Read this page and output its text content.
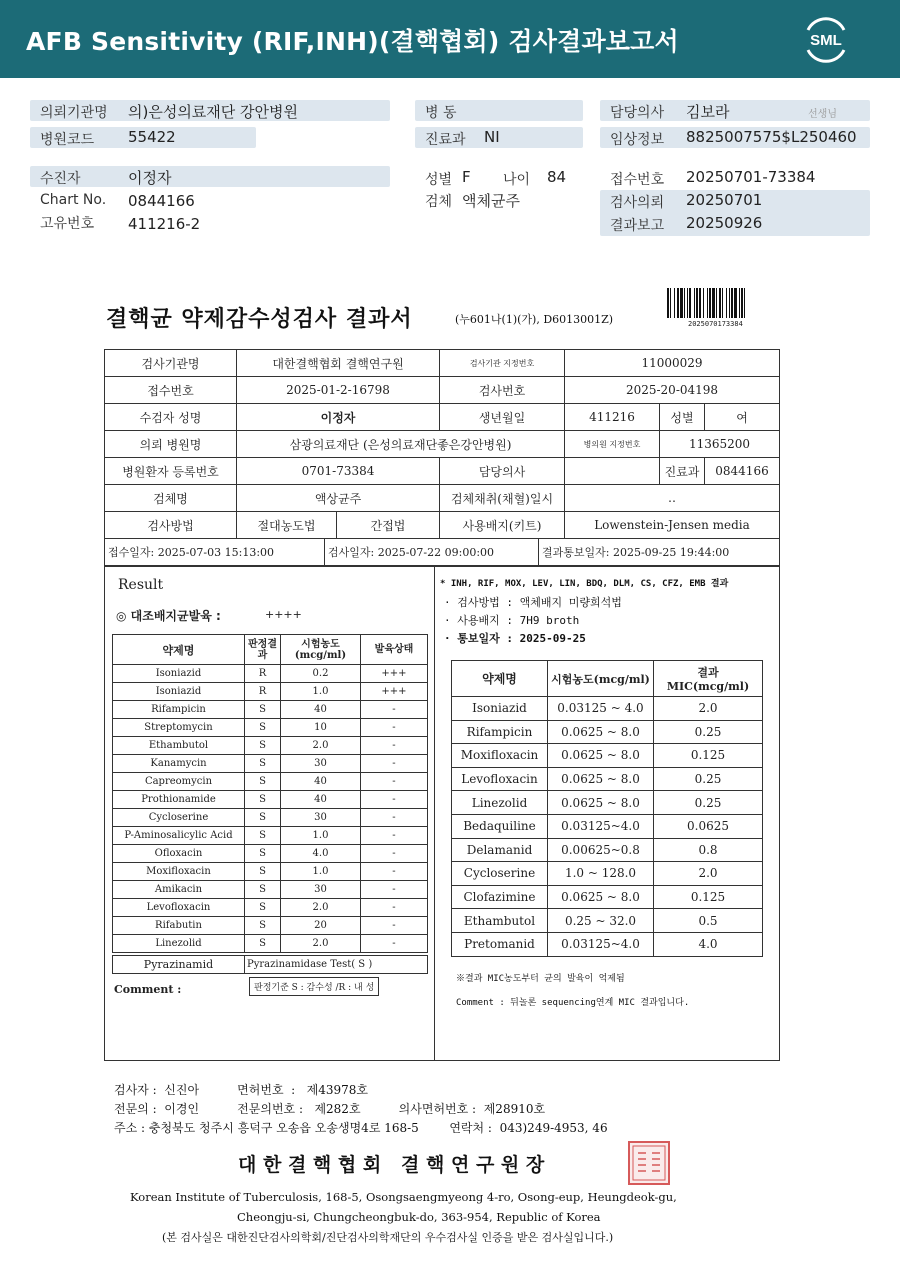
AFB Sensitivity (RIF,INH)(결핵협회) 검사결과보고서	SML
의뢰기관명 의)은성의료재단 강안병원
병원코드 55422
병 동
진료과 NI
담당의사 김보라	선생님
임상정보 8825007575$L250460
수진자	이정자
Chart No. 0844166
고유번호 411216-2
성별 F 나이 84
검체 액체균주
접수번호 20250701-73384
검사의뢰 20250701
결과보고 20250926
결핵균 약제감수성검사 결과서	(누601나(1)(가), D6013001Z)	2025070173384
검사기관명	대한결핵협회 결핵연구원		검사기관 지정번호	11000029		
접수번호	2025-01-2-16798		검사번호	2025-20-04198		
수검자 성명	이정자		생년월일	411216	성별	여
의뢰 병원명	삼광의료재단 (은성의료재단좋은강안병원)			병의원 지정번호	11365200	
병원환자 등록번호	0701-73384		담당의사		진료과	0844166
검체명	액상균주		검체채취(채혈)일시	‥		
검사방법	절대농도법	간접법	사용배지(키트)	Lowenstein-Jensen media		
접수일자: 2025-07-03 15:13:00	검사일자: 2025-07-22 09:00:00	결과통보일자: 2025-09-25 19:44:00
Result
◎ 대조배지균발육 :	++++
약제명	판정결과	시험농도(mcg/ml)	발육상태
Isoniazid	R	0.2	+++
Isoniazid	R	1.0	+++
Rifampicin	S	40	-
Streptomycin	S	10	-
Ethambutol	S	2.0	-
Kanamycin	S	30	-
Capreomycin	S	40	-
Prothionamide	S	40	-
Cycloserine	S	30	-
P-Aminosalicylic Acid	S	1.0	-
Ofloxacin	S	4.0	-
Moxifloxacin	S	1.0	-
Amikacin	S	30	-
Levofloxacin	S	2.0	-
Rifabutin	S	20	-
Linezolid	S	2.0	-
Pyrazinamid	Pyrazinamidase Test( S )
Comment :	판정기준 S : 감수성 /R : 내 성
* INH, RIF, MOX, LEV, LIN, BDQ, DLM, CS, CFZ, EMB 결과
· 검사방법 : 액체배지 미량희석법
· 사용배지 : 7H9 broth
· 통보일자 : 2025-09-25
약제명	시험농도(mcg/ml)	결과 MIC(mcg/ml)
Isoniazid	0.03125 ~ 4.0	2.0
Rifampicin	0.0625 ~ 8.0	0.25
Moxifloxacin	0.0625 ~ 8.0	0.125
Levofloxacin	0.0625 ~ 8.0	0.25
Linezolid	0.0625 ~ 8.0	0.25
Bedaquiline	0.03125~4.0	0.0625
Delamanid	0.00625~0.8	0.8
Cycloserine	1.0 ~ 128.0	2.0
Clofazimine	0.0625 ~ 8.0	0.125
Ethambutol	0.25 ~ 32.0	0.5
Pretomanid	0.03125~4.0	4.0
※결과 MIC농도부터 균의 발육이 억제됨
Comment : 뒤놀론 sequencing연계 MIC 결과입니다.
검사자 :  신진아          면허번호  :   제43978호
전문의 :  이경인          전문의번호 :   제282호          의사면허번호 :  제28910호
주소 : 충청북도 청주시 흥덕구 오송읍 오송생명4로 168-5        연락처 :  043)249-4953, 46
대 한 결 핵 협 회   결 핵 연 구 원 장
Korean Institute of Tuberculosis, 168-5, Osongsaengmyeong 4-ro, Osong-eup, Heungdeok-gu,
Cheongju-si, Chungcheongbuk-do, 363-954, Republic of Korea
(본 검사실은 대한진단검사의학회/진단검사의학재단의 우수검사실 인증을 받은 검사실입니다.)
